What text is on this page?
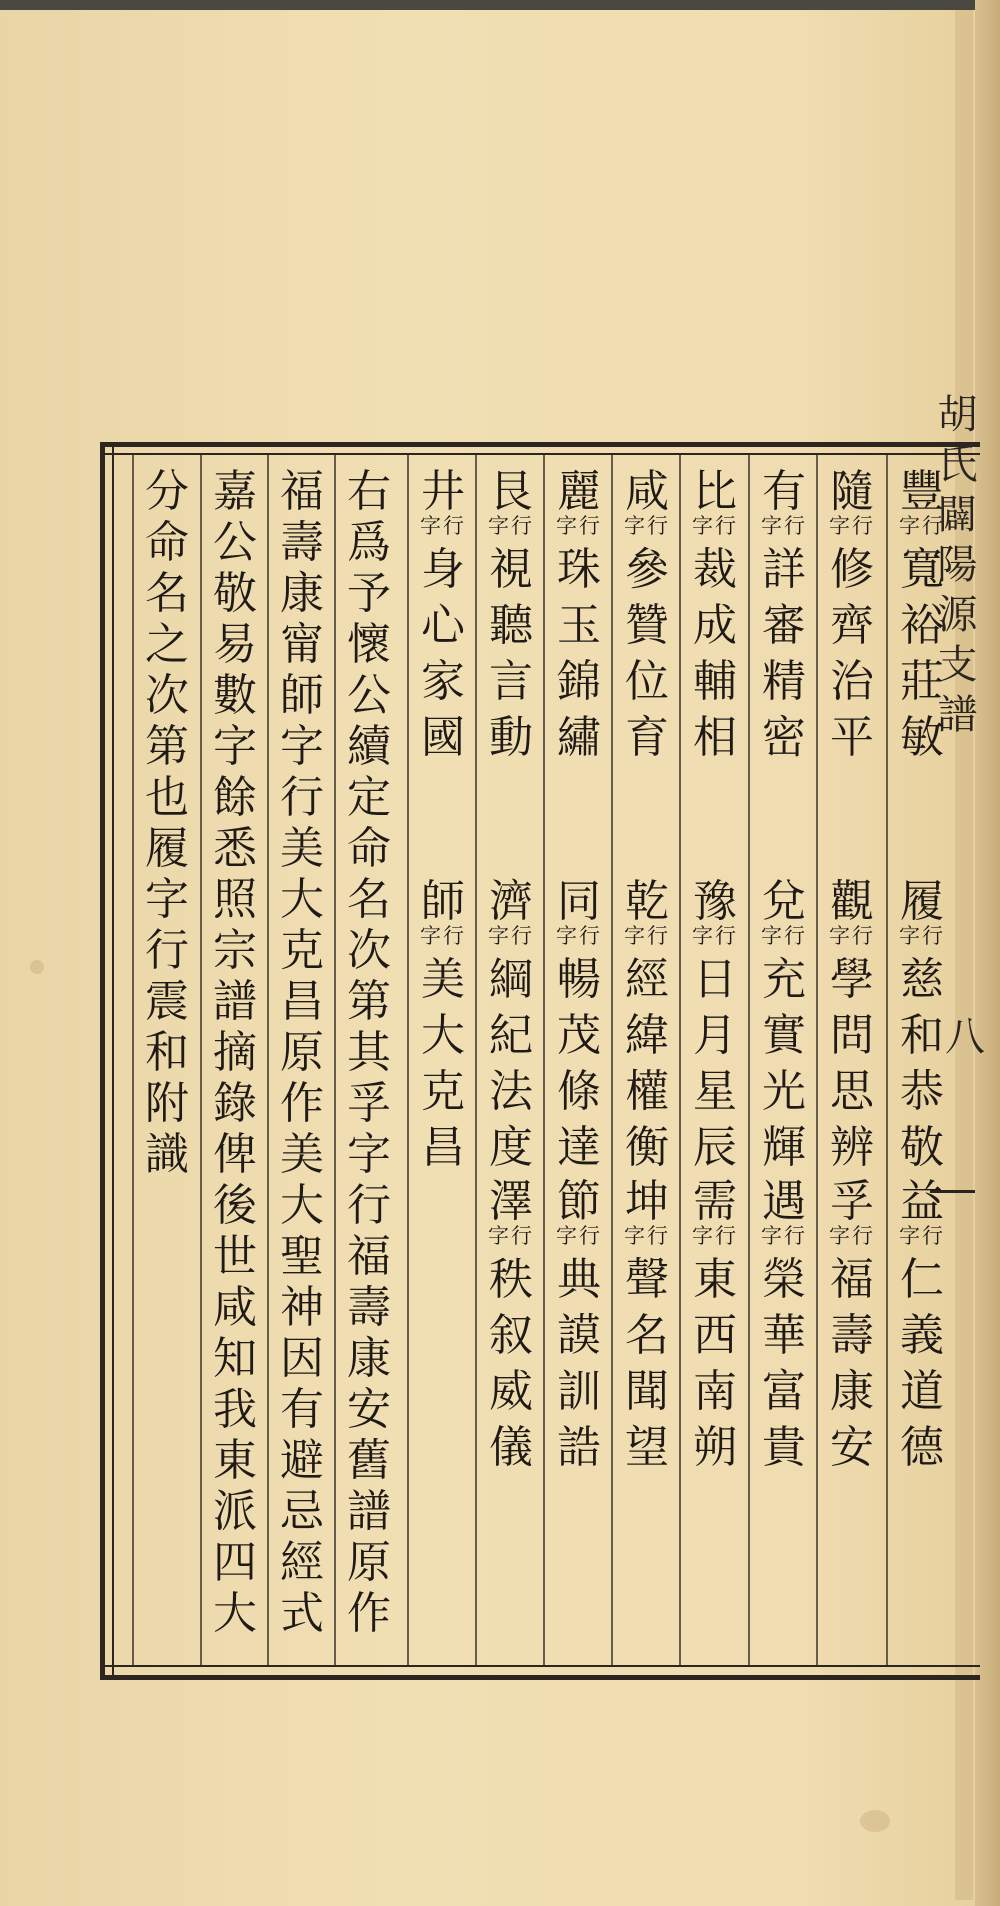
胡
氏
闢
陽
源
支
譜
八
豐
字行
寬
裕
莊
敏
履
字行
慈
和
恭
敬
益
字行
仁
義
道
德
隨
字行
修
齊
治
平
觀
字行
學
問
思
辨
孚
字行
福
壽
康
安
有
字行
詳
審
精
密
兌
字行
充
實
光
輝
遇
字行
榮
華
富
貴
比
字行
裁
成
輔
相
豫
字行
日
月
星
辰
需
字行
東
西
南
朔
咸
字行
參
贊
位
育
乾
字行
經
緯
權
衡
坤
字行
聲
名
聞
望
麗
字行
珠
玉
錦
繡
同
字行
暢
茂
條
達
節
字行
典
謨
訓
誥
艮
字行
視
聽
言
動
濟
字行
綱
紀
法
度
澤
字行
秩
叙
威
儀
井
字行
身
心
家
國
師
字行
美
大
克
昌
右
爲
予
懷
公
續
定
命
名
次
第
其
孚
字
行
福
壽
康
安
舊
譜
原
作
福
壽
康
甯
師
字
行
美
大
克
昌
原
作
美
大
聖
神
因
有
避
忌
經
式
嘉
公
敬
易
數
字
餘
悉
照
宗
譜
摘
錄
俾
後
世
咸
知
我
東
派
四
大
分
命
名
之
次
第
也
履
字
行
震
和
附
識
